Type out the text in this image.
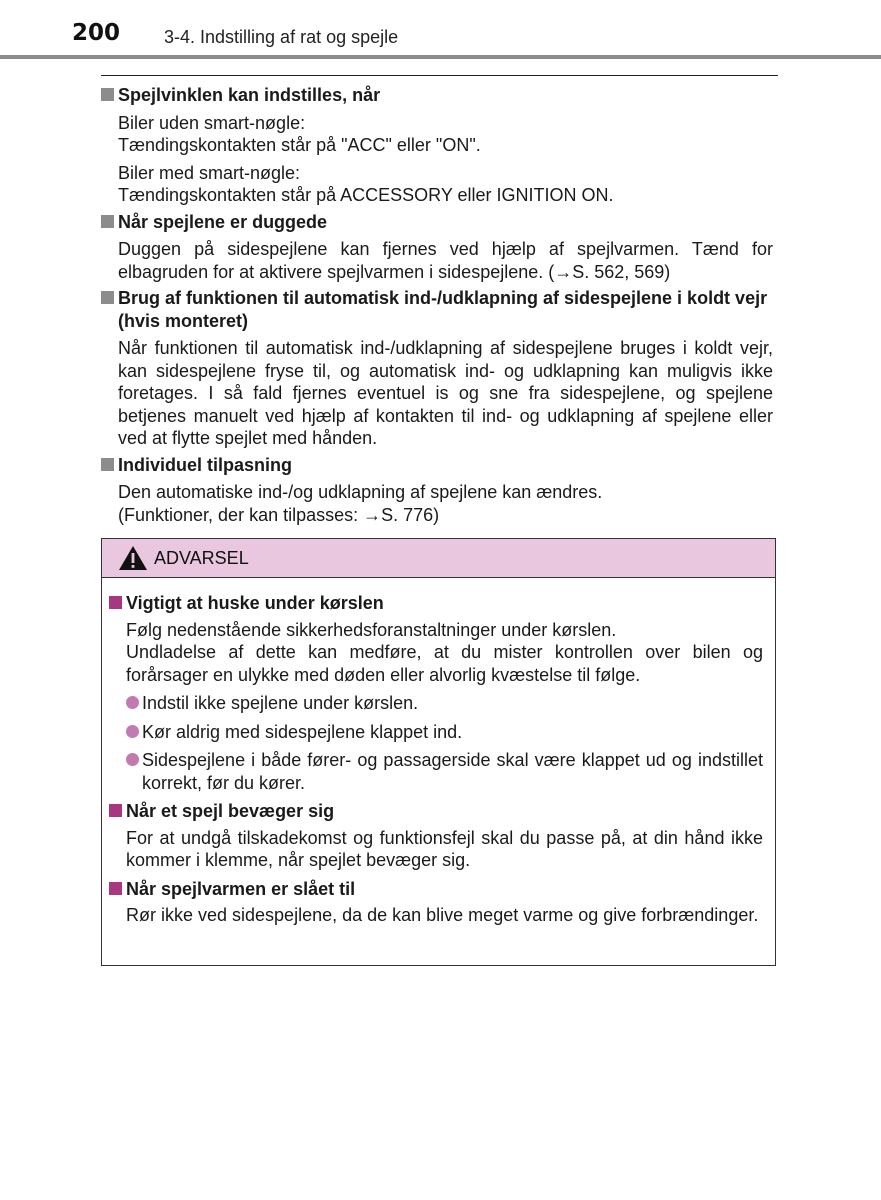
200 3-4. Indstilling af rat og spejle
Spejlvinklen kan indstilles, når

Biler uden smart-nøgle:

Tændingskontakten står på "ACC" eller "ON".

Biler med smart-nøgle:

Tændingskontakten står på ACCESSORY eller IGNITION ON.

Når spejlene er duggede

Duggen på sidespejlene kan fjernes ved hjælp af spejlvarmen. Tænd for elbagruden for at aktivere spejlvarmen i sidespejlene. (→S. 562, 569)

Brug af funktionen til automatisk ind-/udklapning af sidespejlene i koldt vejr (hvis monteret)

Når funktionen til automatisk ind-/udklapning af sidespejlene bruges i koldt vejr, kan sidespejlene fryse til, og automatisk ind- og udklapning kan muligvis ikke foretages. I så fald fjernes eventuel is og sne fra sidespejlene, og spejlene betjenes manuelt ved hjælp af kontakten til ind- og udklapning af spejlene eller ved at flytte spejlet med hånden.

Individuel tilpasning

Den automatiske ind-/og udklapning af spejlene kan ændres.

(Funktioner, der kan tilpasses: →S. 776)

ADVARSEL
Vigtigt at huske under kørslen

Følg nedenstående sikkerhedsforanstaltninger under kørslen.

Undladelse af dette kan medføre, at du mister kontrollen over bilen og forårsager en ulykke med døden eller alvorlig kvæstelse til følge.

Indstil ikke spejlene under kørslen.
Kør aldrig med sidespejlene klappet ind.
Sidespejlene i både fører- og passagerside skal være klappet ud og indstillet korrekt, før du kører.
Når et spejl bevæger sig

For at undgå tilskadekomst og funktionsfejl skal du passe på, at din hånd ikke kommer i klemme, når spejlet bevæger sig.

Når spejlvarmen er slået til

Rør ikke ved sidespejlene, da de kan blive meget varme og give forbrændinger.
